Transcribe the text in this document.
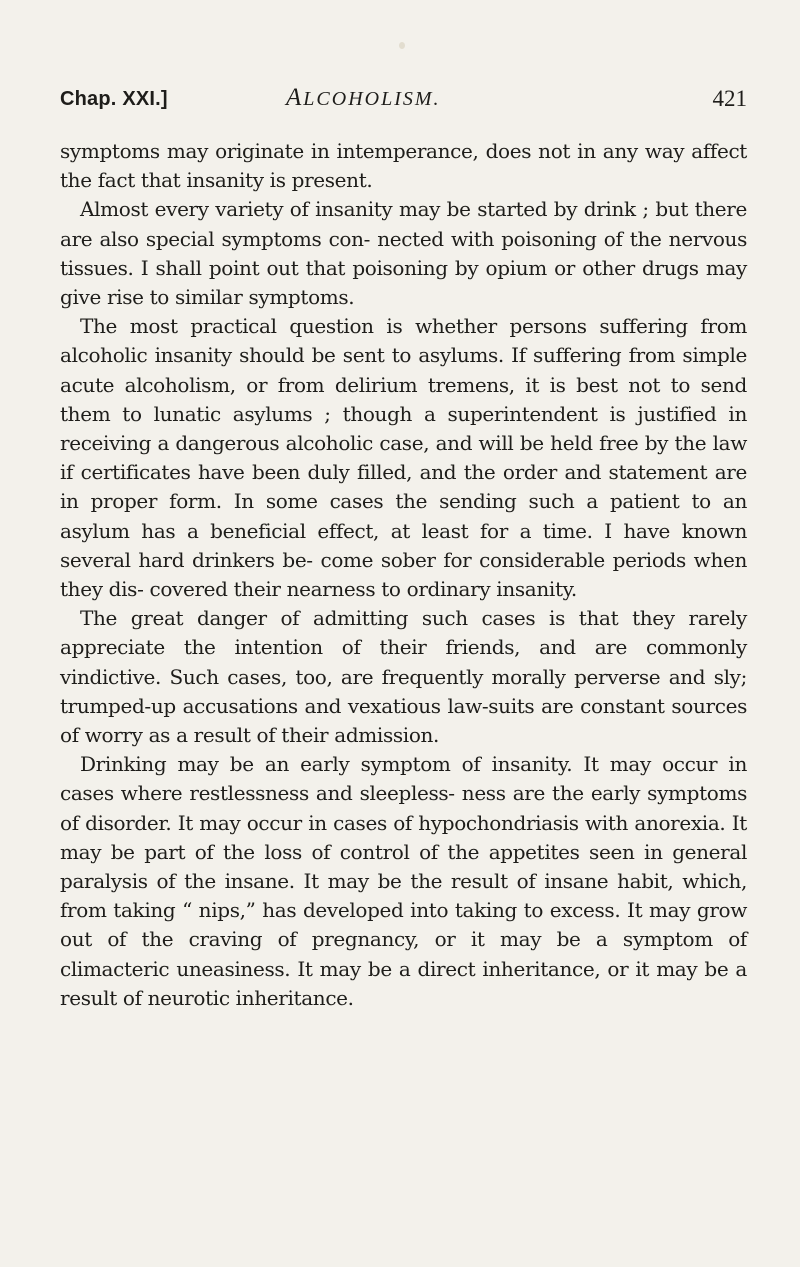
Chap. XXI.]	ALCOHOLISM.	421

symptoms may originate in intemperance, does not in any way affect the fact that insanity is present.

Almost every variety of insanity may be started by drink ; but there are also special symptoms con- nected with poisoning of the nervous tissues. I shall point out that poisoning by opium or other drugs may give rise to similar symptoms.

The most practical question is whether persons suffering from alcoholic insanity should be sent to asylums. If suffering from simple acute alcoholism, or from delirium tremens, it is best not to send them to lunatic asylums ; though a superintendent is justified in receiving a dangerous alcoholic case, and will be held free by the law if certificates have been duly filled, and the order and statement are in proper form. In some cases the sending such a patient to an asylum has a beneficial effect, at least for a time. I have known several hard drinkers be- come sober for considerable periods when they dis- covered their nearness to ordinary insanity.

The great danger of admitting such cases is that they rarely appreciate the intention of their friends, and are commonly vindictive. Such cases, too, are frequently morally perverse and sly; trumped-up accusations and vexatious law-suits are constant sources of worry as a result of their admission.

Drinking may be an early symptom of insanity. It may occur in cases where restlessness and sleepless- ness are the early symptoms of disorder. It may occur in cases of hypochondriasis with anorexia. It may be part of the loss of control of the appetites seen in general paralysis of the insane. It may be the result of insane habit, which, from taking “ nips,” has developed into taking to excess. It may grow out of the craving of pregnancy, or it may be a symptom of climacteric uneasiness. It may be a direct inheritance, or it may be a result of neurotic inheritance.
